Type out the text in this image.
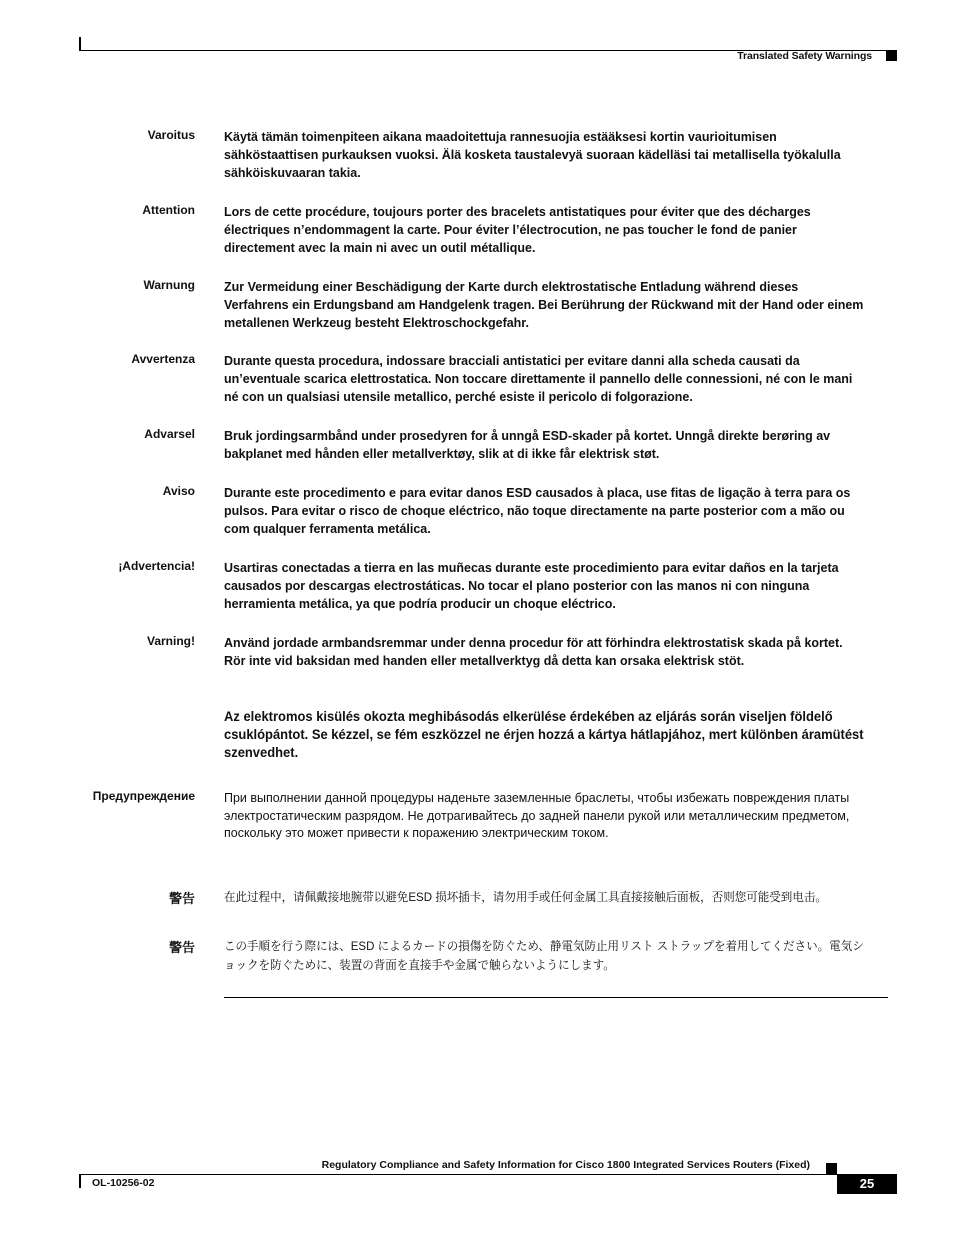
Translated Safety Warnings
Varoitus Käytä tämän toimenpiteen aikana maadoitettuja rannesuojia estääksesi kortin vaurioitumisen sähköstaattisen purkauksen vuoksi. Älä kosketa taustalevyä suoraan kädelläsi tai metallisella työkalulla sähköiskuvaaran takia.
Attention Lors de cette procédure, toujours porter des bracelets antistatiques pour éviter que des décharges électriques n’endommagent la carte. Pour éviter l’électrocution, ne pas toucher le fond de panier directement avec la main ni avec un outil métallique.
Warnung Zur Vermeidung einer Beschädigung der Karte durch elektrostatische Entladung während dieses Verfahrens ein Erdungsband am Handgelenk tragen. Bei Berührung der Rückwand mit der Hand oder einem metallenen Werkzeug besteht Elektroschockgefahr.
Avvertenza Durante questa procedura, indossare bracciali antistatici per evitare danni alla scheda causati da un’eventuale scarica elettrostatica. Non toccare direttamente il pannello delle connessioni, né con le mani né con un qualsiasi utensile metallico, perché esiste il pericolo di folgorazione.
Advarsel Bruk jordingsarmbånd under prosedyren for å unngå ESD-skader på kortet. Unngå direkte berøring av bakplanet med hånden eller metallverktøy, slik at di ikke får elektrisk støt.
Aviso Durante este procedimento e para evitar danos ESD causados à placa, use fitas de ligação à terra para os pulsos. Para evitar o risco de choque eléctrico, não toque directamente na parte posterior com a mão ou com qualquer ferramenta metálica.
¡Advertencia! Usartiras conectadas a tierra en las muñecas durante este procedimiento para evitar daños en la tarjeta causados por descargas electrostáticas. No tocar el plano posterior con las manos ni con ninguna herramienta metálica, ya que podría producir un choque eléctrico.
Varning! Använd jordade armbandsremmar under denna procedur för att förhindra elektrostatisk skada på kortet. Rör inte vid baksidan med handen eller metallverktyg då detta kan orsaka elektrisk stöt.
Az elektromos kisülés okozta meghibásodás elkerülése érdekében az eljárás során viseljen földelő csuklópántot. Se kézzel, se fém eszközzel ne érjen hozzá a kártya hátlapjához, mert különben áramütést szenvedhet.
Предупреждение При выполнении данной процедуры наденьте заземленные браслеты, чтобы избежать повреждения платы электростатическим разрядом. Не дотрагивайтесь до задней панели рукой или металлическим предметом, поскольку это может привести к поражению электрическим током.
警告 在此过程中，请佩戴接地腕带以避免ESD 损坏插卡，请勿用手或任何金属工具直接接触后面板，否则您可能受到电击。
警告 この手順を行う際には、ESD によるカードの損傷を防ぐため、静電気防止用リスト ストラップを着用してください。電気ショックを防ぐために、装置の背面を直接手や金属で触らないようにします。
Regulatory Compliance and Safety Information for Cisco 1800 Integrated Services Routers (Fixed)
OL-10256-02	25
